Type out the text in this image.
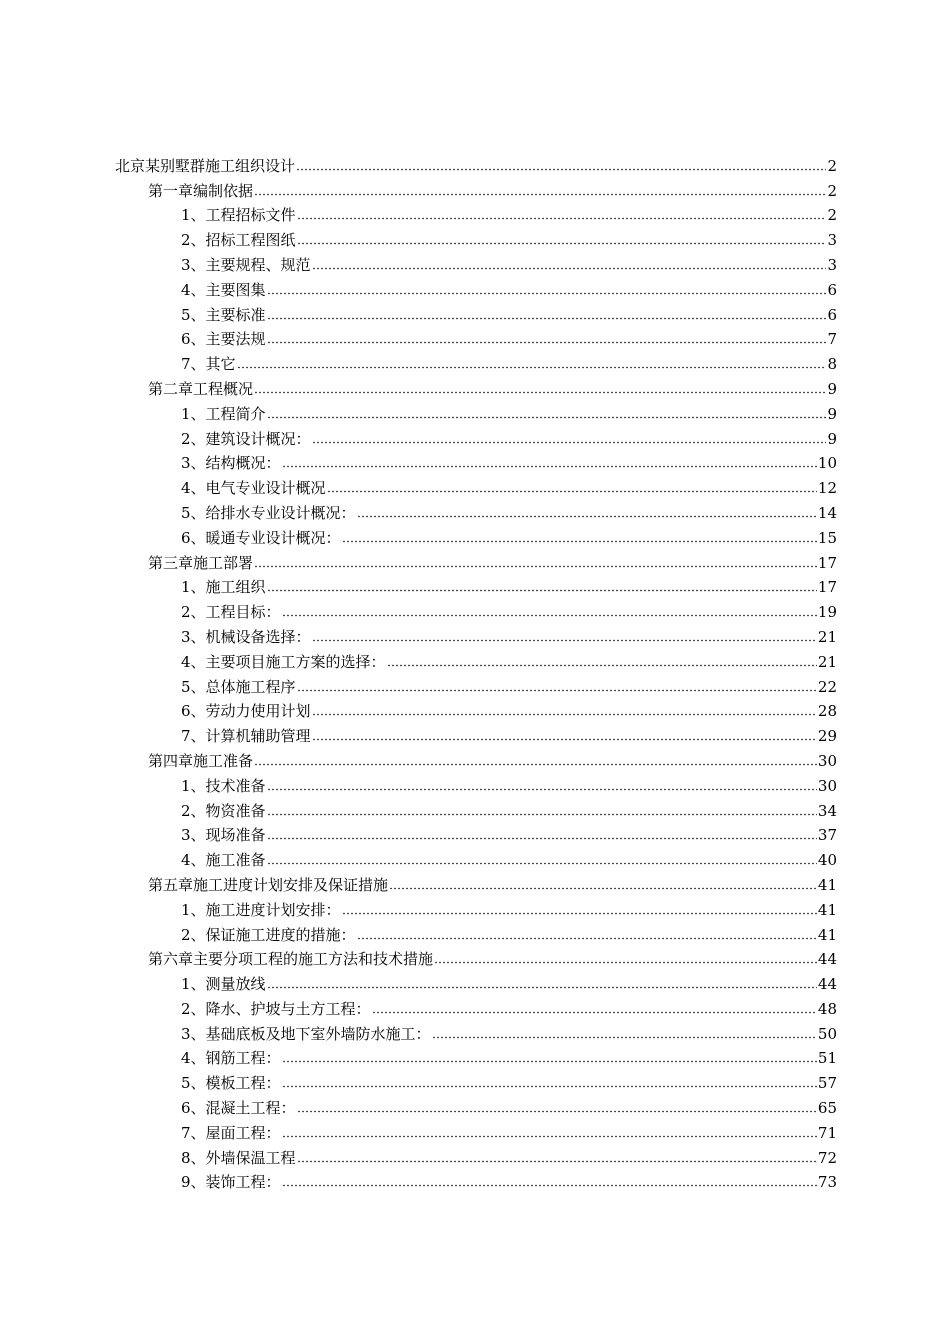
北京某别墅群施工组织设计	2
第一章编制依据	2
1、工程招标文件	2
2、招标工程图纸	3
3、主要规程、规范	3
4、主要图集	6
5、主要标准	6
6、主要法规	7
7、其它	8
第二章工程概况	9
1、工程简介	9
2、建筑设计概况：	9
3、结构概况：	10
4、电气专业设计概况	12
5、给排水专业设计概况：	14
6、暖通专业设计概况：	15
第三章施工部署	17
1、施工组织	17
2、工程目标：	19
3、机械设备选择：	21
4、主要项目施工方案的选择：	21
5、总体施工程序	22
6、劳动力使用计划	28
7、计算机辅助管理	29
第四章施工准备	30
1、技术准备	30
2、物资准备	34
3、现场准备	37
4、施工准备	40
第五章施工进度计划安排及保证措施	41
1、施工进度计划安排：	41
2、保证施工进度的措施：	41
第六章主要分项工程的施工方法和技术措施	44
1、测量放线	44
2、降水、护坡与土方工程：	48
3、基础底板及地下室外墙防水施工：	50
4、钢筋工程：	51
5、模板工程：	57
6、混凝土工程：	65
7、屋面工程：	71
8、外墙保温工程	72
9、装饰工程：	73
